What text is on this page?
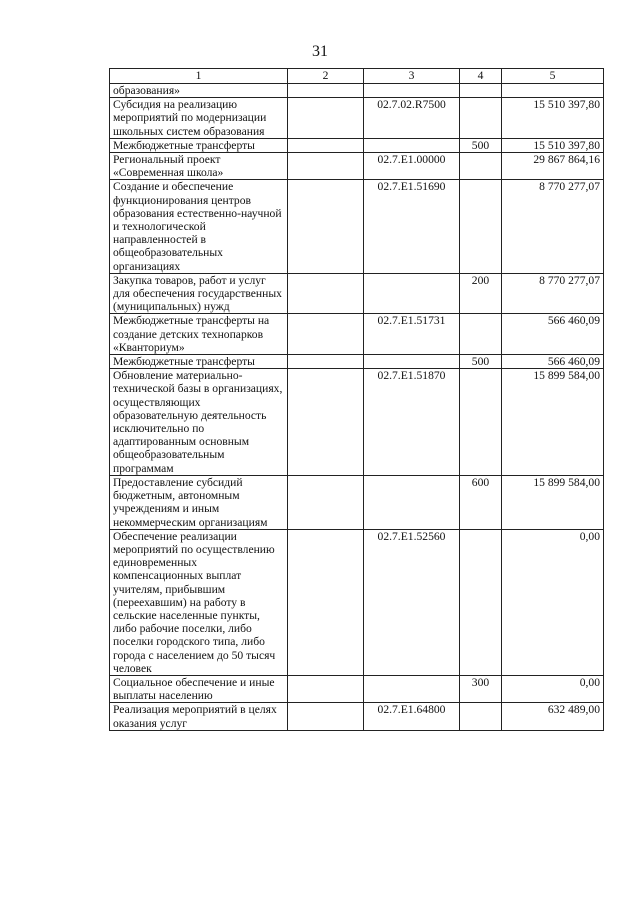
31
1	2	3	4	5
образования»				
Субсидия на реализацию мероприятий по модернизации школьных систем образования		02.7.02.R7500		15 510 397,80
Межбюджетные трансферты			500	15 510 397,80
Региональный проект «Современная школа»		02.7.E1.00000		29 867 864,16
Создание и обеспечение функционирования центров образования естественно-научной и технологической направленностей в общеобразовательных организациях		02.7.E1.51690		8 770 277,07
Закупка товаров, работ и услуг для обеспечения государственных (муниципальных) нужд			200	8 770 277,07
Межбюджетные трансферты на создание детских технопарков «Кванториум»		02.7.E1.51731		566 460,09
Межбюджетные трансферты			500	566 460,09
Обновление материально-технической базы в организациях, осуществляющих образовательную деятельность исключительно по адаптированным основным общеобразовательным программам		02.7.E1.51870		15 899 584,00
Предоставление субсидий бюджетным, автономным учреждениям и иным некоммерческим организациям			600	15 899 584,00
Обеспечение реализации мероприятий по осуществлению единовременных компенсационных выплат учителям, прибывшим (переехавшим) на работу в сельские населенные пункты, либо рабочие поселки, либо поселки городского типа, либо города с населением до 50 тысяч человек		02.7.E1.52560		0,00
Социальное обеспечение и иные выплаты населению			300	0,00
Реализация мероприятий в целях оказания услуг		02.7.E1.64800		632 489,00
